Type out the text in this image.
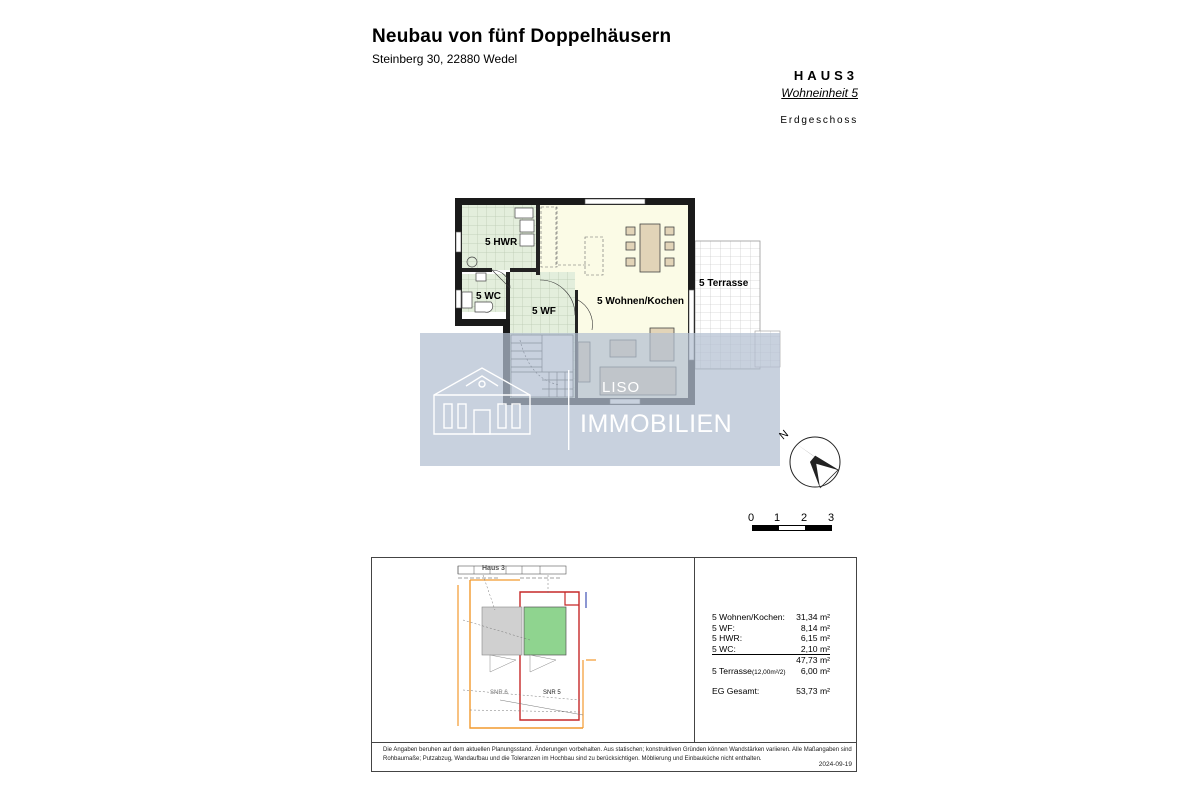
Neubau von fünf Doppelhäusern
Steinberg 30, 22880 Wedel
HAUS3
Wohneinheit 5
Erdgeschoss
5 HWR
5 WC
5 WF
5 Wohnen/Kochen
5 Terrasse
LISO
IMMOBILIEN	N
Haus 3
SNR 6	SNR 5
0 1 2 3
5 Wohnen/Kochen: 31,34 m²
5 WF:	8,14 m²
5 HWR:	6,15 m²
5 WC:	2,10 m²
47,73 m²
5 Terrasse(12,00m²/2) 6,00 m²
EG Gesamt:	53,73 m²
Die Angaben beruhen auf dem aktuellen Planungsstand. Änderungen vorbehalten. Aus statischen; konstruktiven Gründen können Wandstärken variieren. Alle Maßangaben sind Rohbaumaße; Putzabzug, Wandaufbau und die Toleranzen im Hochbau sind zu berücksichtigen. Möblierung und Einbauküche nicht enthalten.
2024-09-19
